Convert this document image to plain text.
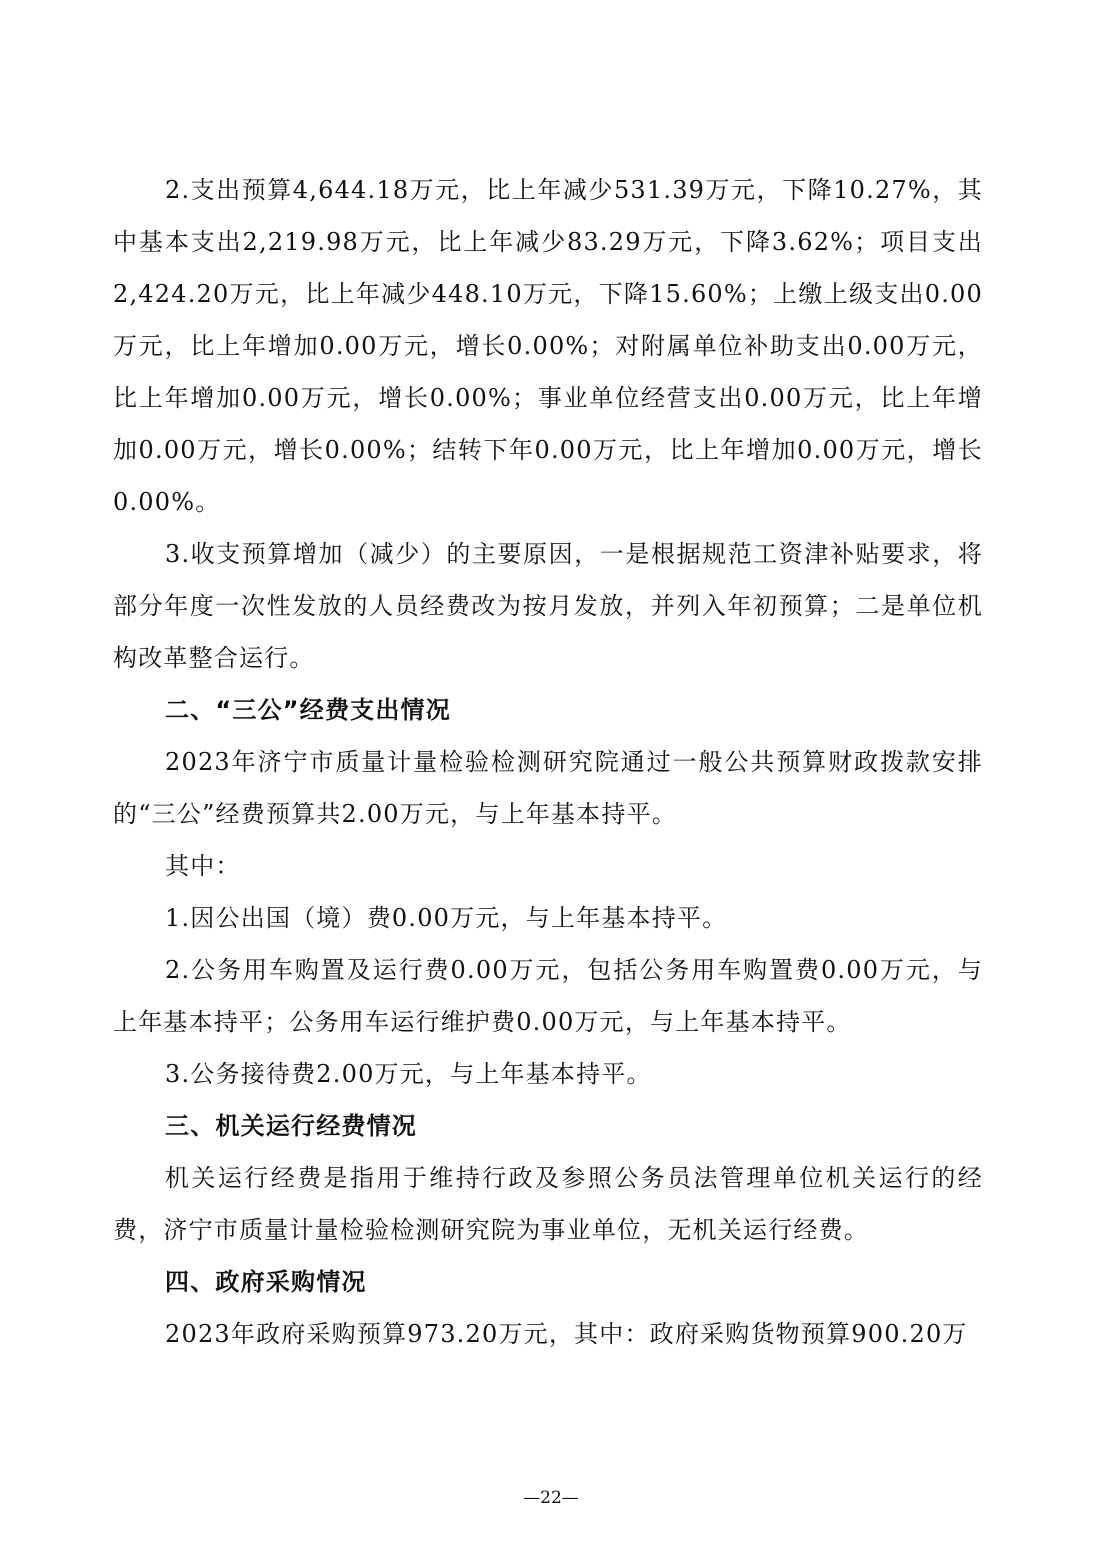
2.支出预算4,644.18万元，比上年减少531.39万元，下降10.27%，其中基本支出2,219.98万元，比上年减少83.29万元，下降3.62%；项目支出2,424.20万元，比上年减少448.10万元，下降15.60%；上缴上级支出0.00万元，比上年增加0.00万元，增长0.00%；对附属单位补助支出0.00万元，比上年增加0.00万元，增长0.00%；事业单位经营支出0.00万元，比上年增加0.00万元，增长0.00%；结转下年0.00万元，比上年增加0.00万元，增长0.00%。

3.收支预算增加（减少）的主要原因，一是根据规范工资津补贴要求，将部分年度一次性发放的人员经费改为按月发放，并列入年初预算；二是单位机构改革整合运行。

二、“三公”经费支出情况

2023年济宁市质量计量检验检测研究院通过一般公共预算财政拨款安排的“三公”经费预算共2.00万元，与上年基本持平。

其中：

1.因公出国（境）费0.00万元，与上年基本持平。

2.公务用车购置及运行费0.00万元，包括公务用车购置费0.00万元，与上年基本持平；公务用车运行维护费0.00万元，与上年基本持平。

3.公务接待费2.00万元，与上年基本持平。

三、机关运行经费情况

机关运行经费是指用于维持行政及参照公务员法管理单位机关运行的经费，济宁市质量计量检验检测研究院为事业单位，无机关运行经费。

四、政府采购情况

2023年政府采购预算973.20万元，其中：政府采购货物预算900.20万

—22—
